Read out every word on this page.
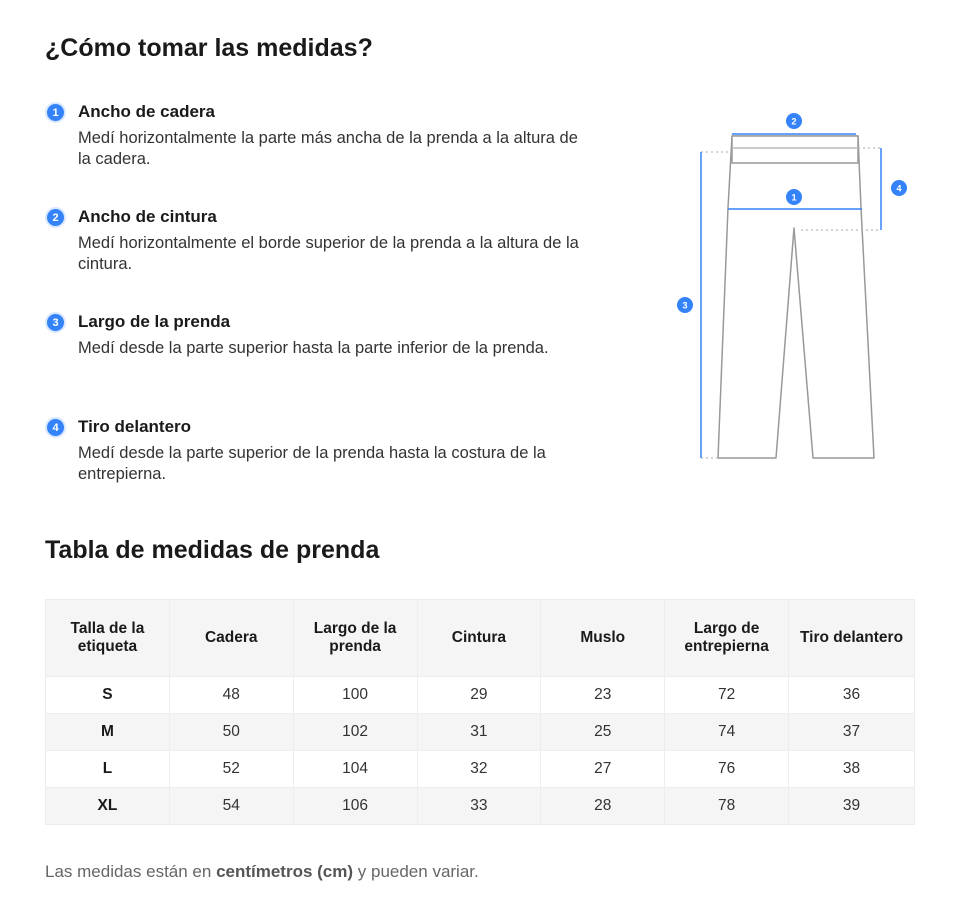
¿Cómo tomar las medidas?
1	Ancho de cadera
Medí horizontalmente la parte más ancha de la prenda a la altura de la cadera.
2	Ancho de cintura
Medí horizontalmente el borde superior de la prenda a la altura de la cintura.
3	Largo de la prenda
Medí desde la parte superior hasta la parte inferior de la prenda.
4	Tiro delantero
Medí desde la parte superior de la prenda hasta la costura de la entrepierna.
2
1
4
3
Tabla de medidas de prenda
Talla de la etiqueta	Cadera	Largo de la prenda	Cintura	Muslo	Largo de entrepierna	Tiro delantero
S	48	100	29	23	72	36
M	50	102	31	25	74	37
L	52	104	32	27	76	38
XL	54	106	33	28	78	39
Las medidas están en centímetros (cm) y pueden variar.
